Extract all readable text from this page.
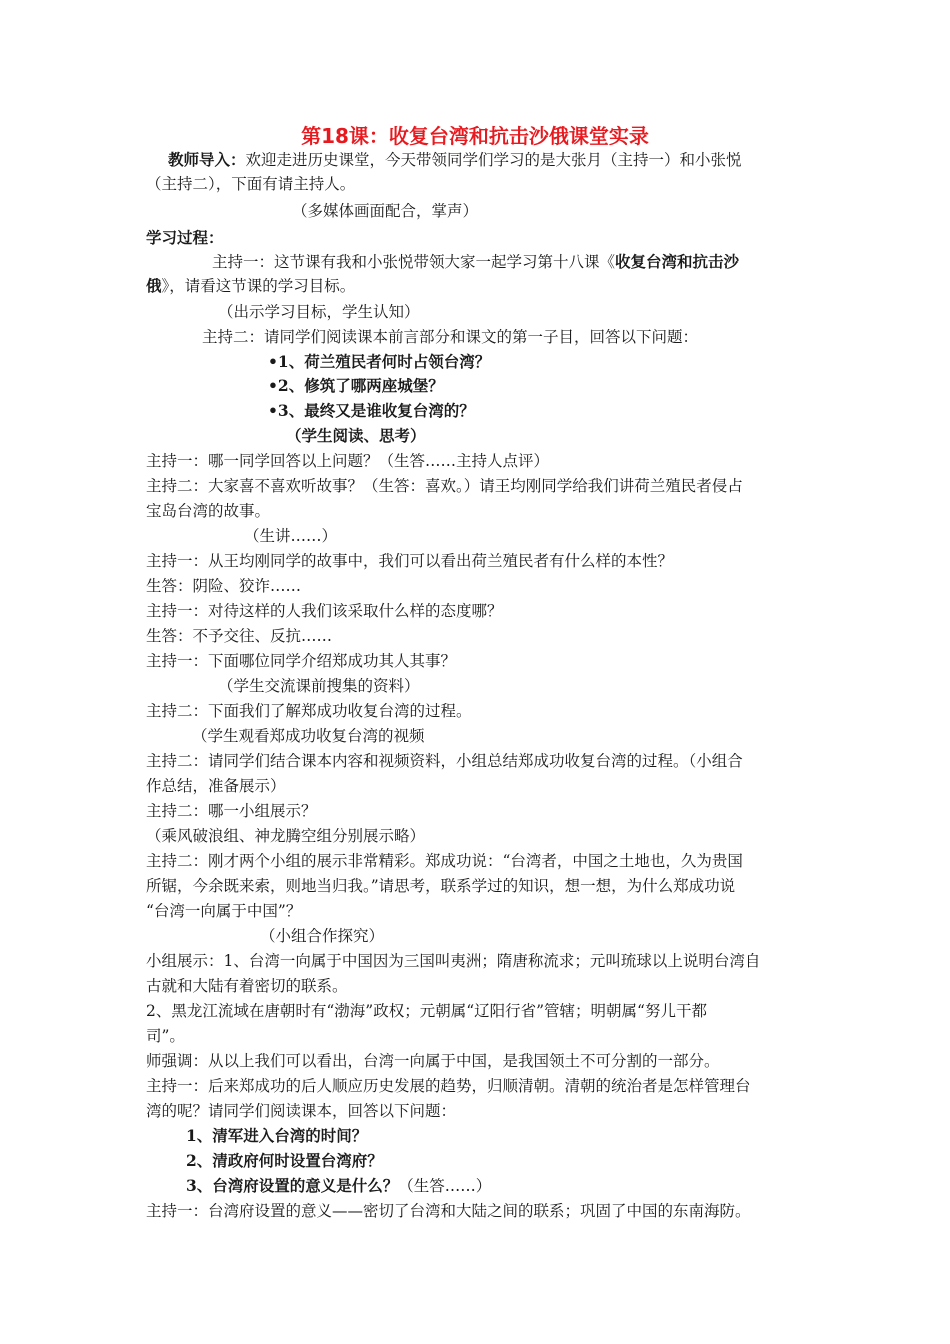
第18课：收复台湾和抗击沙俄课堂实录
教师导入：欢迎走进历史课堂，今天带领同学们学习的是大张月（主持一）和小张悦
（主持二），下面有请主持人。
（多媒体画面配合，掌声）
学习过程：
主持一：这节课有我和小张悦带领大家一起学习第十八课《收复台湾和抗击沙
俄》，请看这节课的学习目标。
（出示学习目标，学生认知）
主持二：请同学们阅读课本前言部分和课文的第一子目，回答以下问题：
•1、荷兰殖民者何时占领台湾？
•2、修筑了哪两座城堡？
•3、最终又是谁收复台湾的？
（学生阅读、思考）
主持一：哪一同学回答以上问题？（生答……主持人点评）
主持二：大家喜不喜欢听故事？（生答：喜欢。）请王均刚同学给我们讲荷兰殖民者侵占
宝岛台湾的故事。
（生讲……）
主持一：从王均刚同学的故事中，我们可以看出荷兰殖民者有什么样的本性？
生答：阴险、狡诈……
主持一：对待这样的人我们该采取什么样的态度哪？
生答：不予交往、反抗……
主持一：下面哪位同学介绍郑成功其人其事？
（学生交流课前搜集的资料）
主持二：下面我们了解郑成功收复台湾的过程。
（学生观看郑成功收复台湾的视频
主持二：请同学们结合课本内容和视频资料，小组总结郑成功收复台湾的过程。（小组合
作总结，准备展示）
主持二：哪一小组展示？
（乘风破浪组、神龙腾空组分别展示略）
主持二：刚才两个小组的展示非常精彩。郑成功说：“台湾者，中国之土地也，久为贵国
所锯，今余既来索，则地当归我。”请思考，联系学过的知识，想一想，为什么郑成功说
“台湾一向属于中国”？
（小组合作探究）
小组展示：1、台湾一向属于中国因为三国叫夷洲；隋唐称流求；元叫琉球以上说明台湾自
古就和大陆有着密切的联系。
2、黑龙江流域在唐朝时有“渤海”政权；元朝属“辽阳行省”管辖；明朝属“努儿干都
司”。
师强调：从以上我们可以看出，台湾一向属于中国，是我国领土不可分割的一部分。
主持一：后来郑成功的后人顺应历史发展的趋势，归顺清朝。清朝的统治者是怎样管理台
湾的呢？请同学们阅读课本，回答以下问题：
1、清军进入台湾的时间？
2、清政府何时设置台湾府？
3、台湾府设置的意义是什么？（生答……）
主持一：台湾府设置的意义——密切了台湾和大陆之间的联系；巩固了中国的东南海防。
